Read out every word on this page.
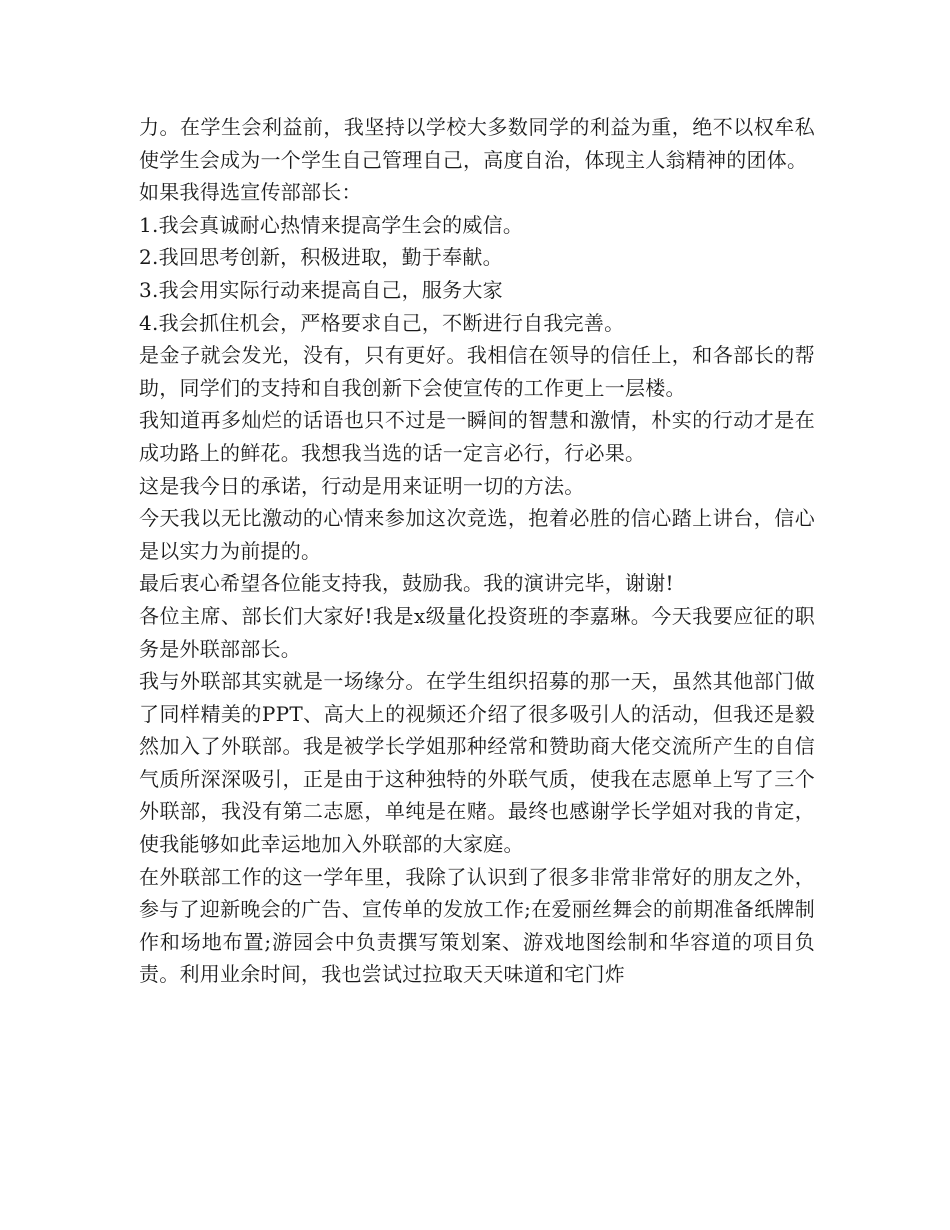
力。在学生会利益前，我坚持以学校大多数同学的利益为重，绝不以权牟私使学生会成为一个学生自己管理自己，高度自治，体现主人翁精神的团体。

如果我得选宣传部部长：

1.我会真诚耐心热情来提高学生会的威信。

2.我回思考创新，积极进取，勤于奉献。

3.我会用实际行动来提高自己，服务大家

4.我会抓住机会，严格要求自己，不断进行自我完善。

是金子就会发光，没有，只有更好。我相信在领导的信任上，和各部长的帮助，同学们的支持和自我创新下会使宣传的工作更上一层楼。

我知道再多灿烂的话语也只不过是一瞬间的智慧和激情，朴实的行动才是在成功路上的鲜花。我想我当选的话一定言必行，行必果。

这是我今日的承诺，行动是用来证明一切的方法。

今天我以无比激动的心情来参加这次竞选，抱着必胜的信心踏上讲台，信心是以实力为前提的。

最后衷心希望各位能支持我，鼓励我。我的演讲完毕，谢谢!

各位主席、部长们大家好!我是x级量化投资班的李嘉琳。今天我要应征的职务是外联部部长。

我与外联部其实就是一场缘分。在学生组织招募的那一天，虽然其他部门做了同样精美的PPT、高大上的视频还介绍了很多吸引人的活动，但我还是毅然加入了外联部。我是被学长学姐那种经常和赞助商大佬交流所产生的自信气质所深深吸引，正是由于这种独特的外联气质，使我在志愿单上写了三个外联部，我没有第二志愿，单纯是在赌。最终也感谢学长学姐对我的肯定，使我能够如此幸运地加入外联部的大家庭。

在外联部工作的这一学年里，我除了认识到了很多非常非常好的朋友之外，参与了迎新晚会的广告、宣传单的发放工作;在爱丽丝舞会的前期准备纸牌制作和场地布置;游园会中负责撰写策划案、游戏地图绘制和华容道的项目负责。利用业余时间，我也尝试过拉取天天味道和宅门炸
